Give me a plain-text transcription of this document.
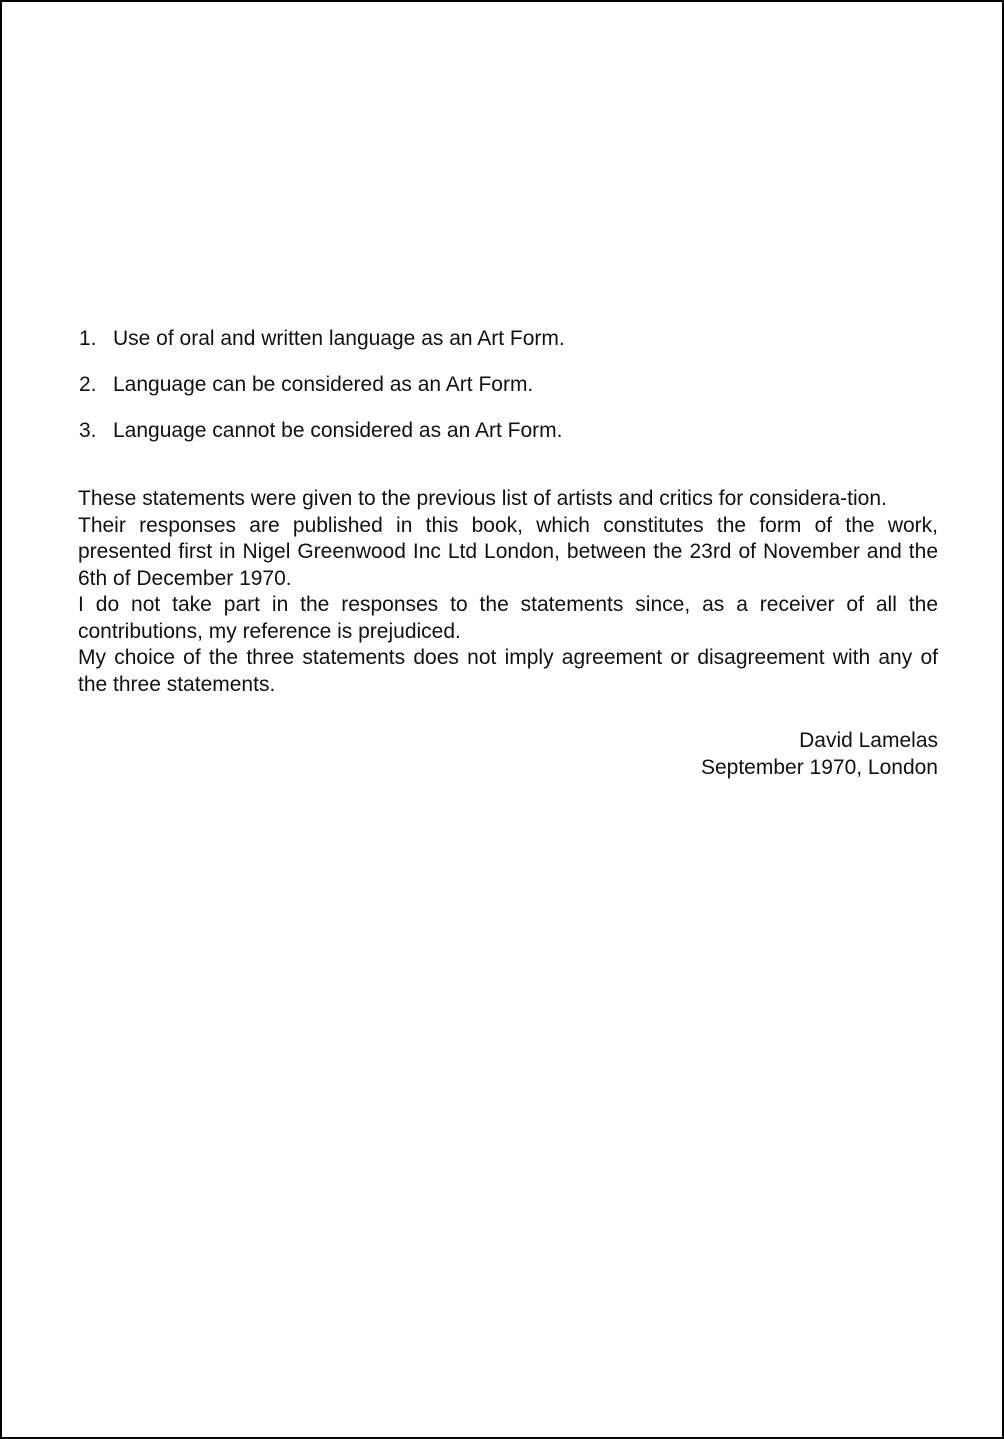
1. Use of oral and written language as an Art Form.
2. Language can be considered as an Art Form.
3. Language cannot be considered as an Art Form.

These statements were given to the previous list of artists and critics for considera-tion.

Their responses are published in this book, which constitutes the form of the work, presented first in Nigel Greenwood Inc Ltd London, between the 23rd of November and the 6th of December 1970.

I do not take part in the responses to the statements since, as a receiver of all the contributions, my reference is prejudiced.

My choice of the three statements does not imply agreement or disagreement with any of the three statements.

David Lamelas
September 1970, London
